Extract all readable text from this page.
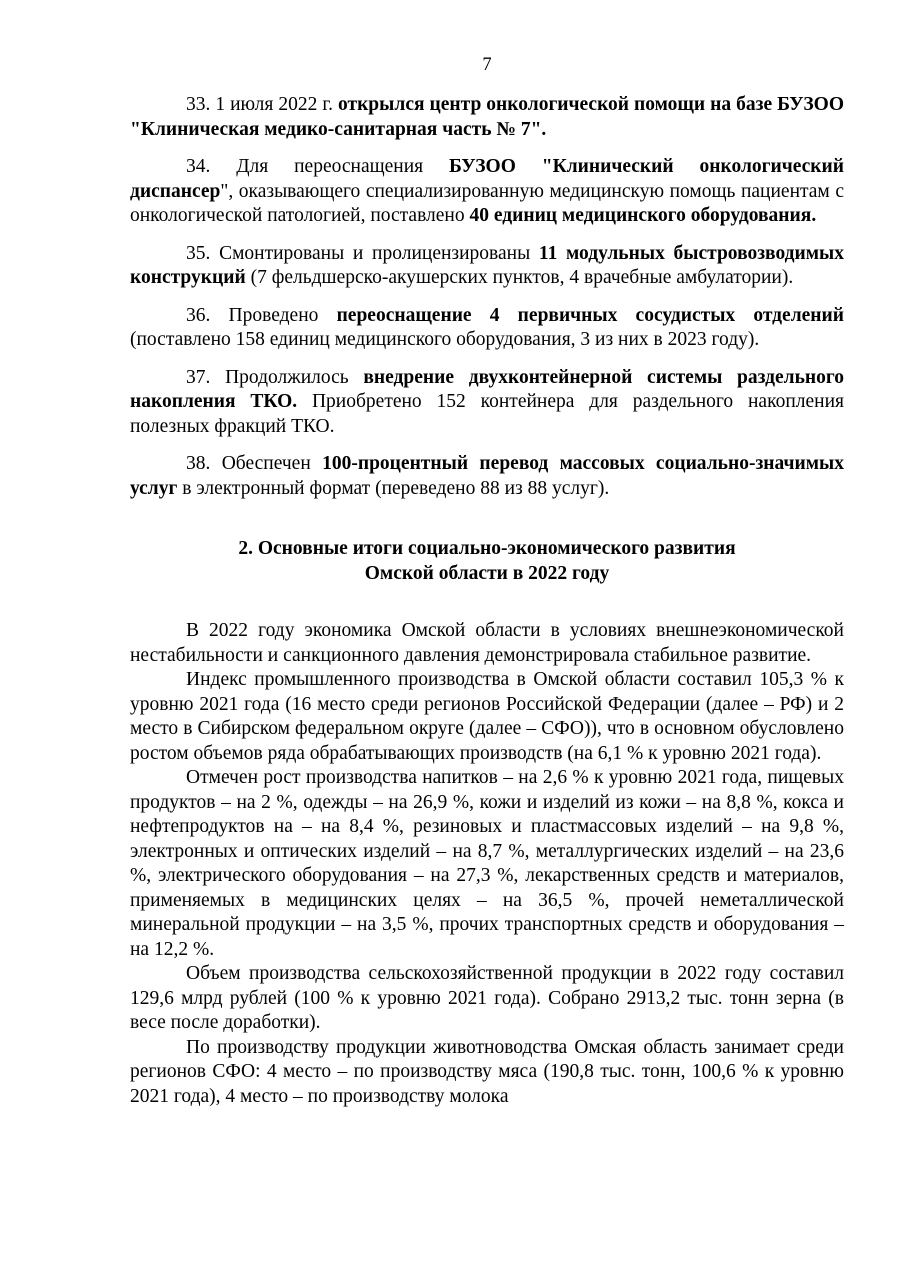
7

33. 1 июля 2022 г. открылся центр онкологической помощи на базе БУЗОО "Клиническая медико-санитарная часть № 7".

34. Для переоснащения БУЗОО "Клинический онкологический диспансер", оказывающего специализированную медицинскую помощь пациентам с онкологической патологией, поставлено 40 единиц медицинского оборудования.

35. Смонтированы и пролицензированы 11 модульных быстровозводимых конструкций (7 фельдшерско-акушерских пунктов, 4 врачебные амбулатории).

36. Проведено переоснащение 4 первичных сосудистых отделений (поставлено 158 единиц медицинского оборудования, 3 из них в 2023 году).

37. Продолжилось внедрение двухконтейнерной системы раздельного накопления ТКО. Приобретено 152 контейнера для раздельного накопления полезных фракций ТКО.

38. Обеспечен 100-процентный перевод массовых социально-значимых услуг в электронный формат (переведено 88 из 88 услуг).

2. Основные итоги социально-экономического развития
Омской области в 2022 году

В 2022 году экономика Омской области в условиях внешнеэкономической нестабильности и санкционного давления демонстрировала стабильное развитие.

Индекс промышленного производства в Омской области составил 105,3 % к уровню 2021 года (16 место среди регионов Российской Федерации (далее – РФ) и 2 место в Сибирском федеральном округе (далее – СФО)), что в основном обусловлено ростом объемов ряда обрабатывающих производств (на 6,1 % к уровню 2021 года).

Отмечен рост производства напитков – на 2,6 % к уровню 2021 года, пищевых продуктов – на 2 %, одежды – на 26,9 %, кожи и изделий из кожи – на 8,8 %, кокса и нефтепродуктов на – на 8,4 %, резиновых и пластмассовых изделий – на 9,8 %, электронных и оптических изделий – на 8,7 %, металлургических изделий – на 23,6 %, электрического оборудования – на 27,3 %, лекарственных средств и материалов, применяемых в медицинских целях – на 36,5 %, прочей неметаллической минеральной продукции – на 3,5 %, прочих транспортных средств и оборудования – на 12,2 %.

Объем производства сельскохозяйственной продукции в 2022 году составил 129,6 млрд рублей (100 % к уровню 2021 года). Собрано 2913,2 тыс. тонн зерна (в весе после доработки).

По производству продукции животноводства Омская область занимает среди регионов СФО: 4 место – по производству мяса (190,8 тыс. тонн, 100,6 % к уровню 2021 года), 4 место – по производству молока
